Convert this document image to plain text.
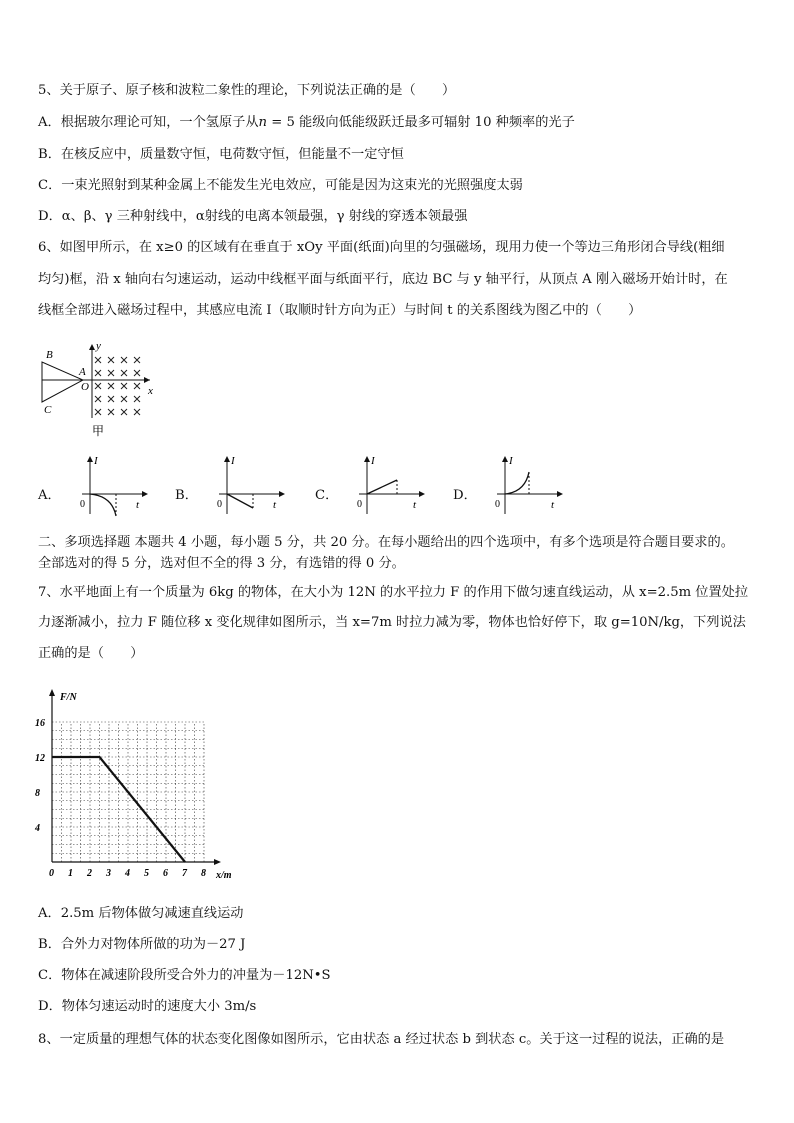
5、关于原子、原子核和波粒二象性的理论，下列说法正确的是（　　）
A．根据玻尔理论可知，一个氢原子从n = 5 能级向低能级跃迁最多可辐射 10 种频率的光子
B．在核反应中，质量数守恒，电荷数守恒，但能量不一定守恒
C．一束光照射到某种金属上不能发生光电效应，可能是因为这束光的光照强度太弱
D．α、β、γ 三种射线中，α射线的电离本领最强，γ 射线的穿透本领最强
6、如图甲所示，在 x≥0 的区域有在垂直于 xOy 平面(纸面)向里的匀强磁场，现用力使一个等边三角形闭合导线(粗细
均匀)框，沿 x 轴向右匀速运动，运动中线框平面与纸面平行，底边 BC 与 y 轴平行，从顶点 A 刚入磁场开始计时，在
线框全部进入磁场过程中，其感应电流 I（取顺时针方向为正）与时间 t 的关系图线为图乙中的（　　）
B
A
C
O	x
y
甲
A．
I
t
0
B．
I
t
0
C．
I
t
0
D．
I
t
0
二、多项选择题 本题共 4 小题，每小题 5 分，共 20 分。在每小题给出的四个选项中，有多个选项是符合题目要求的。
全部选对的得 5 分，选对但不全的得 3 分，有选错的得 0 分。
7、水平地面上有一个质量为 6kg 的物体，在大小为 12N 的水平拉力 F 的作用下做匀速直线运动，从 x=2.5m 位置处拉
力逐渐减小，拉力 F 随位移 x 变化规律如图所示，当 x=7m 时拉力减为零，物体也恰好停下，取 g=10N/kg，下列说法
正确的是（　　）
F/N
x/m
0 1 2 3 4 5 6 7 8
4
8
12
16
A．2.5m 后物体做匀减速直线运动
B．合外力对物体所做的功为－27 J
C．物体在减速阶段所受合外力的冲量为－12N•S
D．物体匀速运动时的速度大小 3m/s
8、一定质量的理想气体的状态变化图像如图所示，它由状态 a 经过状态 b 到状态 c。关于这一过程的说法，正确的是
